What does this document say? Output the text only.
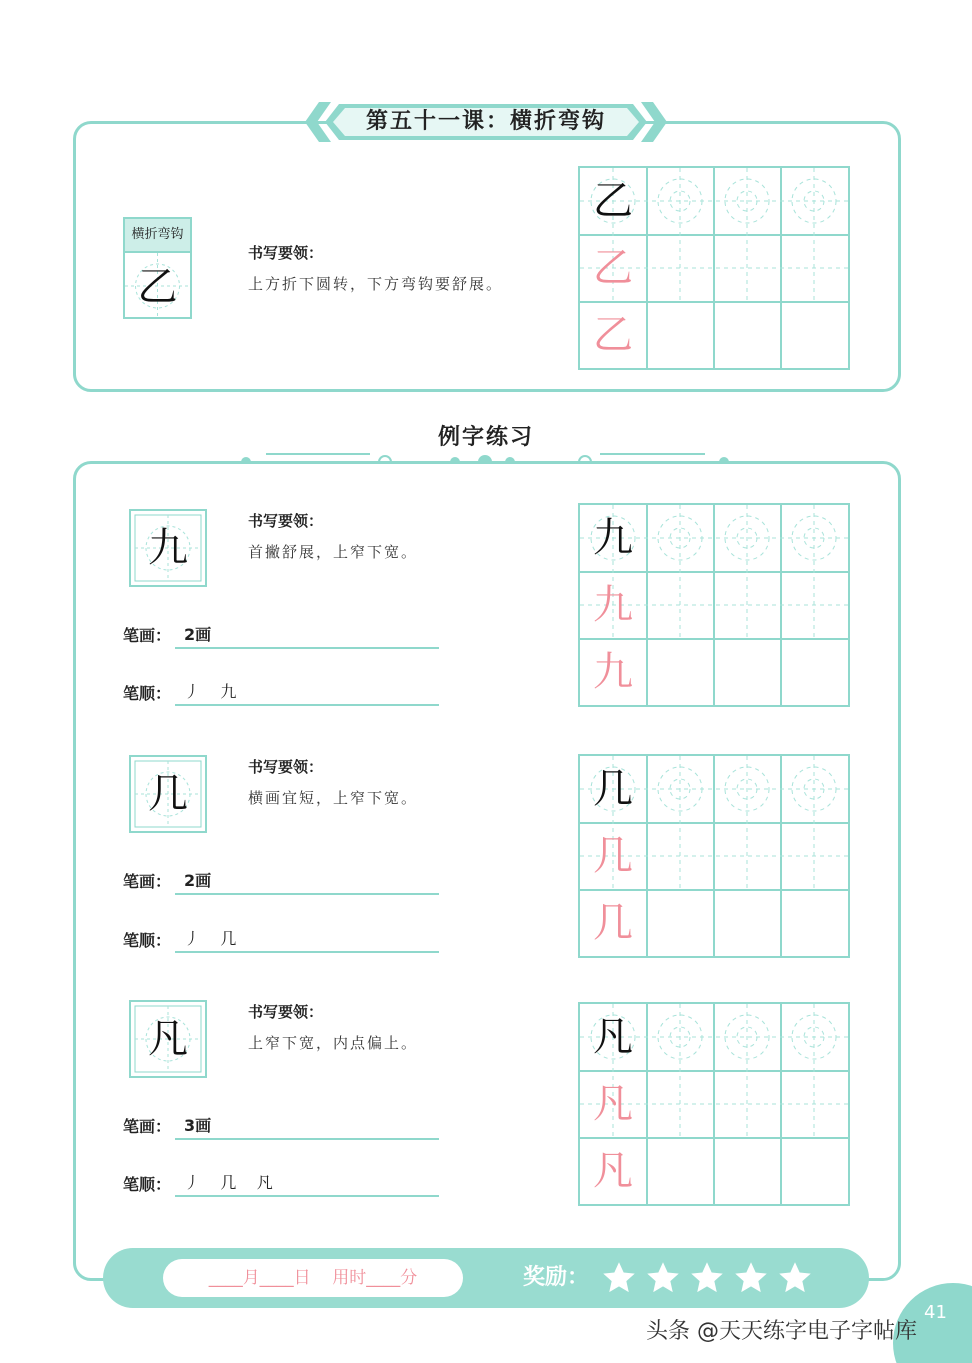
第五十一课：横折弯钩
横折弯钩
乙
书写要领：
上方折下圆转，下方弯钩要舒展。
乙
乙
乙
例字练习
九
书写要领：
首撇舒展，上窄下宽。
笔画： 2画
笔顺： 丿    九
九
九
九
几
书写要领：
横画宜短，上窄下宽。
笔画： 2画
笔顺： 丿    几
几
几
几
凡
书写要领：
上窄下宽，内点偏上。
笔画： 3画
笔顺： 丿    几    凡
凡
凡
凡
____月____日    用时____分	奖励：
41
头条 @天天练字电子字帖库
